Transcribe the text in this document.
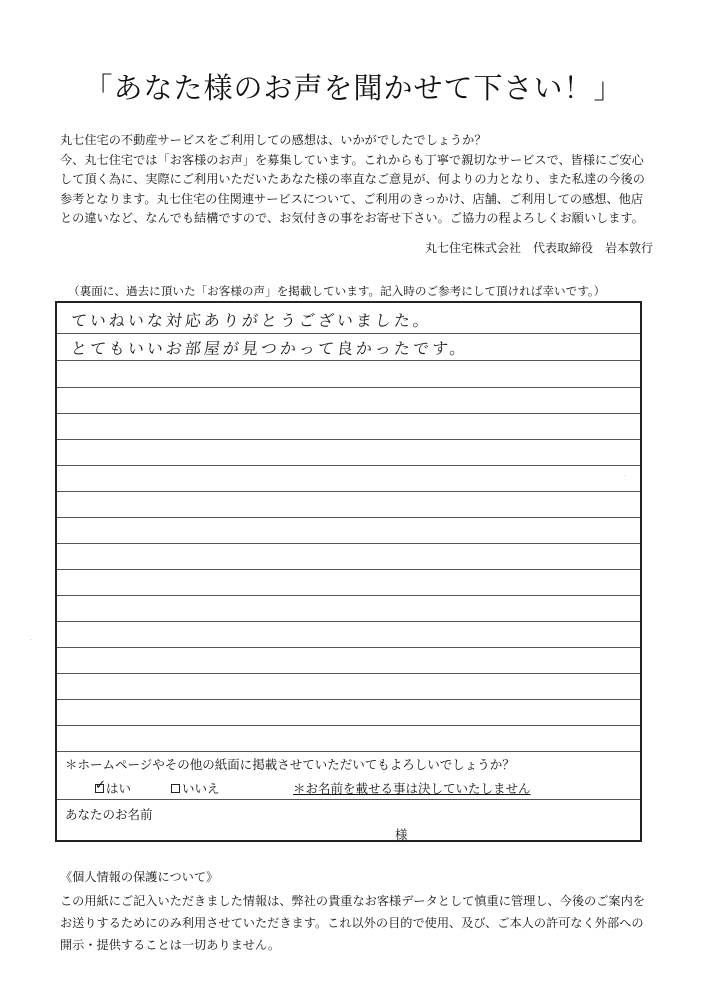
「あなた様のお声を聞かせて下さい！」

丸七住宅の不動産サービスをご利用しての感想は、いかがでしたでしょうか？

今、丸七住宅では「お客様のお声」を募集しています。これからも丁寧で親切なサービスで、皆様にご安心

して頂く為に、実際にご利用いただいたあなた様の率直なご意見が、何よりの力となり、また私達の今後の

参考となります。丸七住宅の住関連サービスについて、ご利用のきっかけ、店舗、ご利用しての感想、他店

との違いなど、なんでも結構ですので、お気付きの事をお寄せ下さい。ご協力の程よろしくお願いします。

丸七住宅株式会社　代表取締役　岩本敦行
（裏面に、過去に頂いた「お客様の声」を掲載しています。記入時のご参考にして頂ければ幸いです。）
ていねいな対応ありがとうございました。
とてもいいお部屋が見つかって良かったです。
＊ホームページやその他の紙面に掲載させていただいてもよろしいでしょうか？
✓ はい	いいえ	＊お名前を載せる事は決していたしません
あなたのお名前
様
《個人情報の保護について》

この用紙にご記入いただきました情報は、弊社の貴重なお客様データとして慎重に管理し、今後のご案内を

お送りするためにのみ利用させていただきます。これ以外の目的で使用、及び、ご本人の許可なく外部への

開示・提供することは一切ありません。

·
·
